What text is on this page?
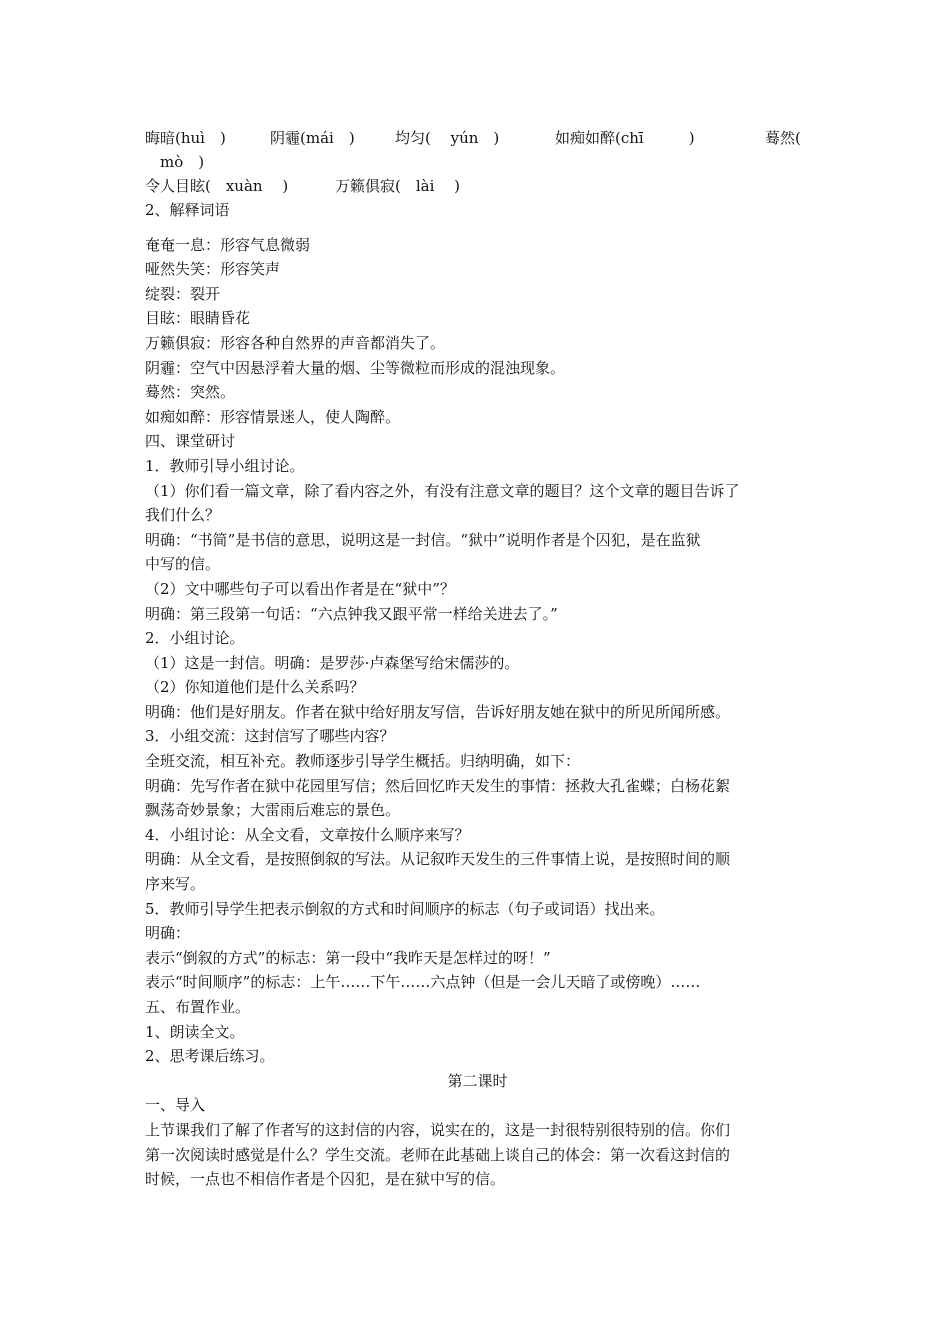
晦暗(huì　)	阴霾(mái　)	均匀(　 yún　)	如痴如醉(chī　　　)	蓦然(
mò　)
令人目眩(　xuàn　 )	万籁俱寂(　lài　 )
2、解释词语
奄奄一息：形容气息微弱
哑然失笑：形容笑声
绽裂：裂开
目眩：眼睛昏花
万籁俱寂：形容各种自然界的声音都消失了。
阴霾：空气中因悬浮着大量的烟、尘等微粒而形成的混浊现象。
蓦然：突然。
如痴如醉：形容情景迷人，使人陶醉。
四、课堂研讨
1．教师引导小组讨论。
（1）你们看一篇文章，除了看内容之外，有没有注意文章的题目？这个文章的题目告诉了
我们什么？
明确：“书简”是书信的意思，说明这是一封信。“狱中”说明作者是个囚犯，是在监狱
中写的信。
（2）文中哪些句子可以看出作者是在“狱中”？
明确：第三段第一句话：“六点钟我又跟平常一样给关进去了。”
2．小组讨论。
（1）这是一封信。明确：是罗莎·卢森堡写给宋儒莎的。
（2）你知道他们是什么关系吗？
明确：他们是好朋友。作者在狱中给好朋友写信，告诉好朋友她在狱中的所见所闻所感。
3．小组交流：这封信写了哪些内容？
全班交流，相互补充。教师逐步引导学生概括。归纳明确，如下：
明确：先写作者在狱中花园里写信；然后回忆昨天发生的事情：拯救大孔雀蝶；白杨花絮
飘荡奇妙景象；大雷雨后难忘的景色。
4．小组讨论：从全文看，文章按什么顺序来写？
明确：从全文看，是按照倒叙的写法。从记叙昨天发生的三件事情上说，是按照时间的顺
序来写。
5．教师引导学生把表示倒叙的方式和时间顺序的标志（句子或词语）找出来。
明确：
表示“倒叙的方式”的标志：第一段中“我昨天是怎样过的呀！”
表示“时间顺序”的标志：上午……下午……六点钟（但是一会儿天暗了或傍晚）……
五、布置作业。
1、朗读全文。
2、思考课后练习。
第二课时
一、导入
上节课我们了解了作者写的这封信的内容，说实在的，这是一封很特别很特别的信。你们
第一次阅读时感觉是什么？学生交流。老师在此基础上谈自己的体会：第一次看这封信的
时候，一点也不相信作者是个囚犯，是在狱中写的信。
